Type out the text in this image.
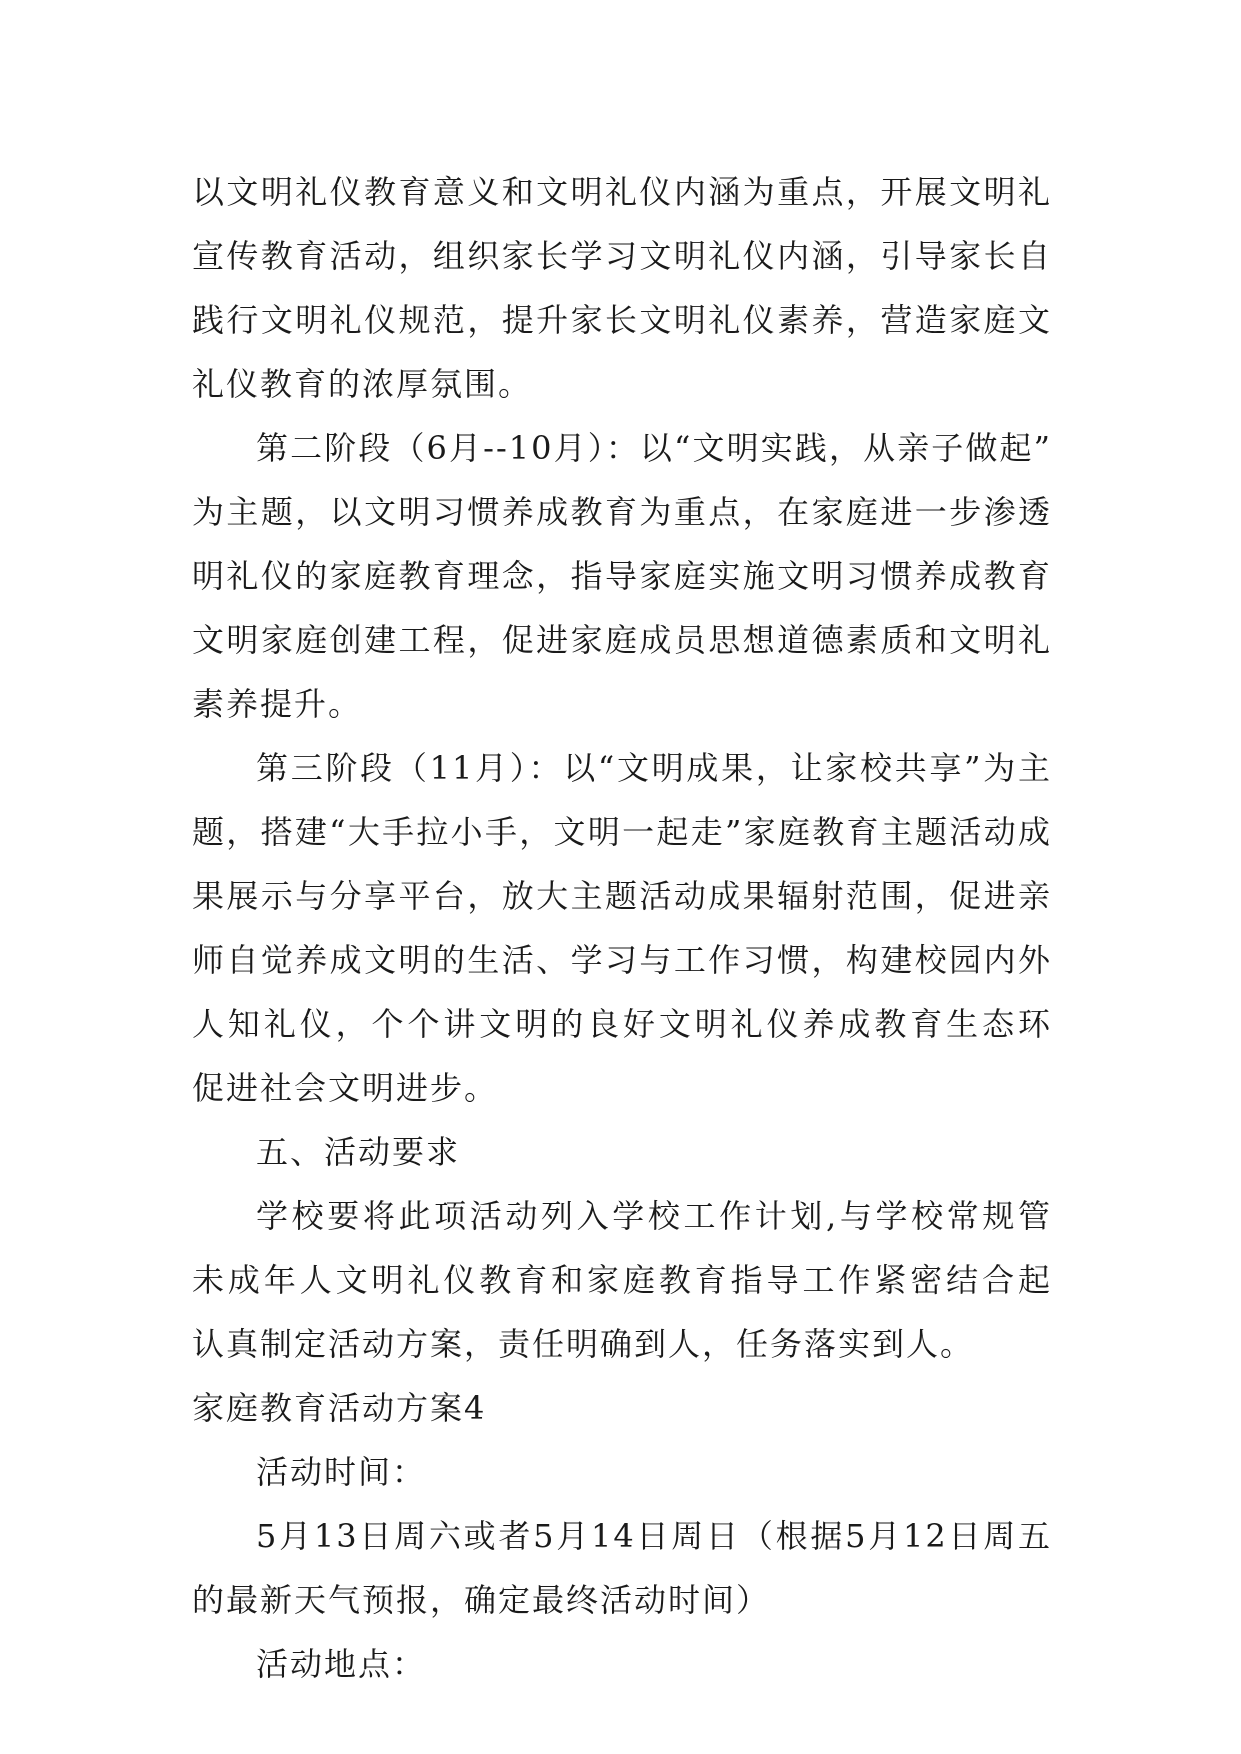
以文明礼仪教育意义和文明礼仪内涵为重点，开展文明礼
宣传教育活动，组织家长学习文明礼仪内涵，引导家长自
践行文明礼仪规范，提升家长文明礼仪素养，营造家庭文
礼仪教育的浓厚氛围。
第二阶段（6月--10月）：以“文明实践，从亲子做起”
为主题，以文明习惯养成教育为重点，在家庭进一步渗透
明礼仪的家庭教育理念，指导家庭实施文明习惯养成教育
文明家庭创建工程，促进家庭成员思想道德素质和文明礼
素养提升。
第三阶段（11月）：以“文明成果，让家校共享”为主
题，搭建“大手拉小手，文明一起走”家庭教育主题活动成
果展示与分享平台，放大主题活动成果辐射范围，促进亲
师自觉养成文明的生活、学习与工作习惯，构建校园内外
人知礼仪，个个讲文明的良好文明礼仪养成教育生态环
促进社会文明进步。
五、活动要求
学校要将此项活动列入学校工作计划,与学校常规管
未成年人文明礼仪教育和家庭教育指导工作紧密结合起
认真制定活动方案，责任明确到人，任务落实到人。
家庭教育活动方案4
活动时间：
5月13日周六或者5月14日周日（根据5月12日周五
的最新天气预报，确定最终活动时间）
活动地点：
